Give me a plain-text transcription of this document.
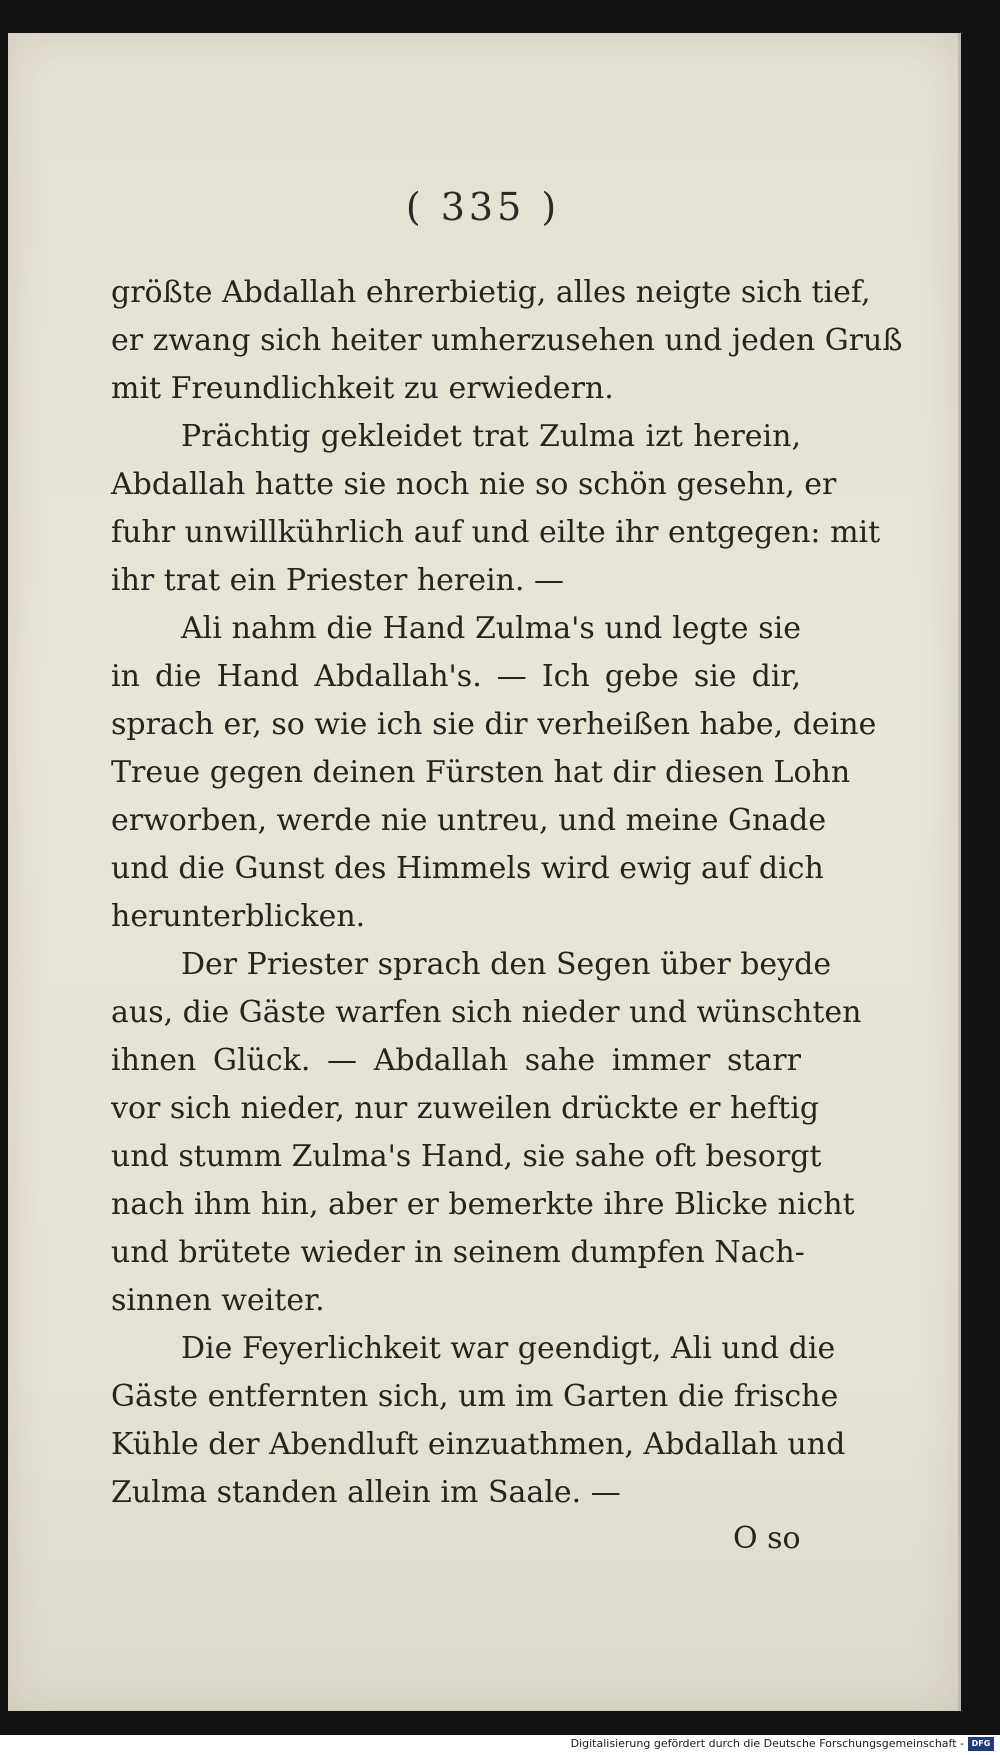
( 335 )
größte Abdallah ehrerbietig, alles neigte sich tief,
er zwang sich heiter umherzusehen und jeden Gruß
mit Freundlichkeit zu erwiedern.
Prächtig gekleidet trat Zulma izt herein,
Abdallah hatte sie noch nie so schön gesehn, er
fuhr unwillkührlich auf und eilte ihr entgegen: mit
ihr trat ein Priester herein. —
Ali nahm die Hand Zulma's und legte sie
in die Hand Abdallah's. — Ich gebe sie dir,
sprach er, so wie ich sie dir verheißen habe, deine
Treue gegen deinen Fürsten hat dir diesen Lohn
erworben, werde nie untreu, und meine Gnade
und die Gunst des Himmels wird ewig auf dich
herunterblicken.
Der Priester sprach den Segen über beyde
aus, die Gäste warfen sich nieder und wünschten
ihnen Glück. — Abdallah sahe immer starr
vor sich nieder, nur zuweilen drückte er heftig
und stumm Zulma's Hand, sie sahe oft besorgt
nach ihm hin, aber er bemerkte ihre Blicke nicht
und brütete wieder in seinem dumpfen Nach-
sinnen weiter.
Die Feyerlichkeit war geendigt, Ali und die
Gäste entfernten sich, um im Garten die frische
Kühle der Abendluft einzuathmen, Abdallah und
Zulma standen allein im Saale. —
O so
Digitalisierung gefördert durch die Deutsche Forschungsgemeinschaft - DFG
